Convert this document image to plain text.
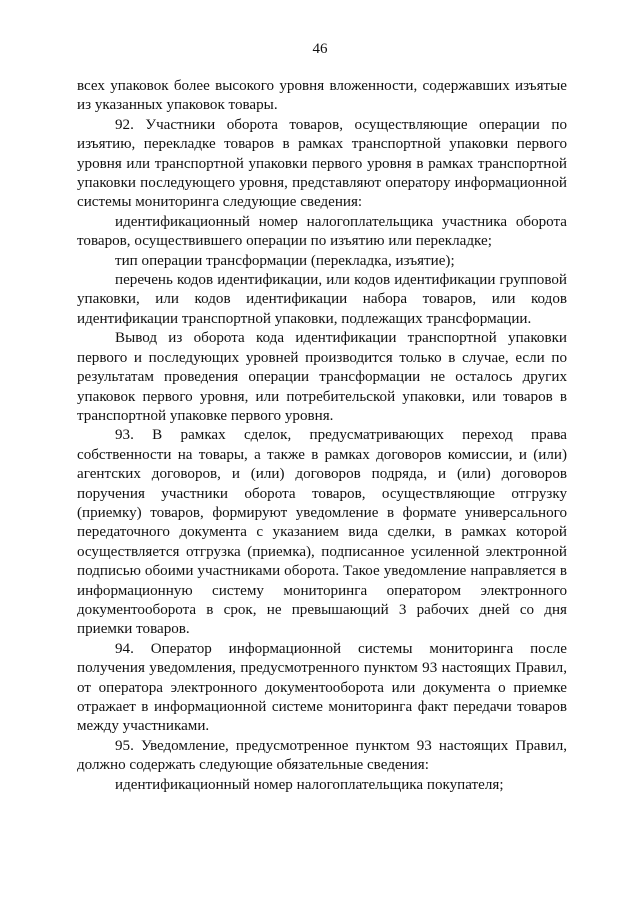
46

всех упаковок более высокого уровня вложенности, содержавших изъятые из указанных упаковок товары.

92. Участники оборота товаров, осуществляющие операции по изъятию, перекладке товаров в рамках транспортной упаковки первого уровня или транспортной упаковки первого уровня в рамках транспортной упаковки последующего уровня, представляют оператору информационной системы мониторинга следующие сведения:

идентификационный номер налогоплательщика участника оборота товаров, осуществившего операции по изъятию или перекладке;

тип операции трансформации (перекладка, изъятие);

перечень кодов идентификации, или кодов идентификации групповой упаковки, или кодов идентификации набора товаров, или кодов идентификации транспортной упаковки, подлежащих трансформации.

Вывод из оборота кода идентификации транспортной упаковки первого и последующих уровней производится только в случае, если по результатам проведения операции трансформации не осталось других упаковок первого уровня, или потребительской упаковки, или товаров в транспортной упаковке первого уровня.

93. В рамках сделок, предусматривающих переход права собственности на товары, а также в рамках договоров комиссии, и (или) агентских договоров, и (или) договоров подряда, и (или) договоров поручения участники оборота товаров, осуществляющие отгрузку (приемку) товаров, формируют уведомление в формате универсального передаточного документа с указанием вида сделки, в рамках которой осуществляется отгрузка (приемка), подписанное усиленной электронной подписью обоими участниками оборота. Такое уведомление направляется в информационную систему мониторинга оператором электронного документооборота в срок, не превышающий 3 рабочих дней со дня приемки товаров.

94. Оператор информационной системы мониторинга после получения уведомления, предусмотренного пунктом 93 настоящих Правил, от оператора электронного документооборота или документа о приемке отражает в информационной системе мониторинга факт передачи товаров между участниками.

95. Уведомление, предусмотренное пунктом 93 настоящих Правил, должно содержать следующие обязательные сведения:

идентификационный номер налогоплательщика покупателя;
